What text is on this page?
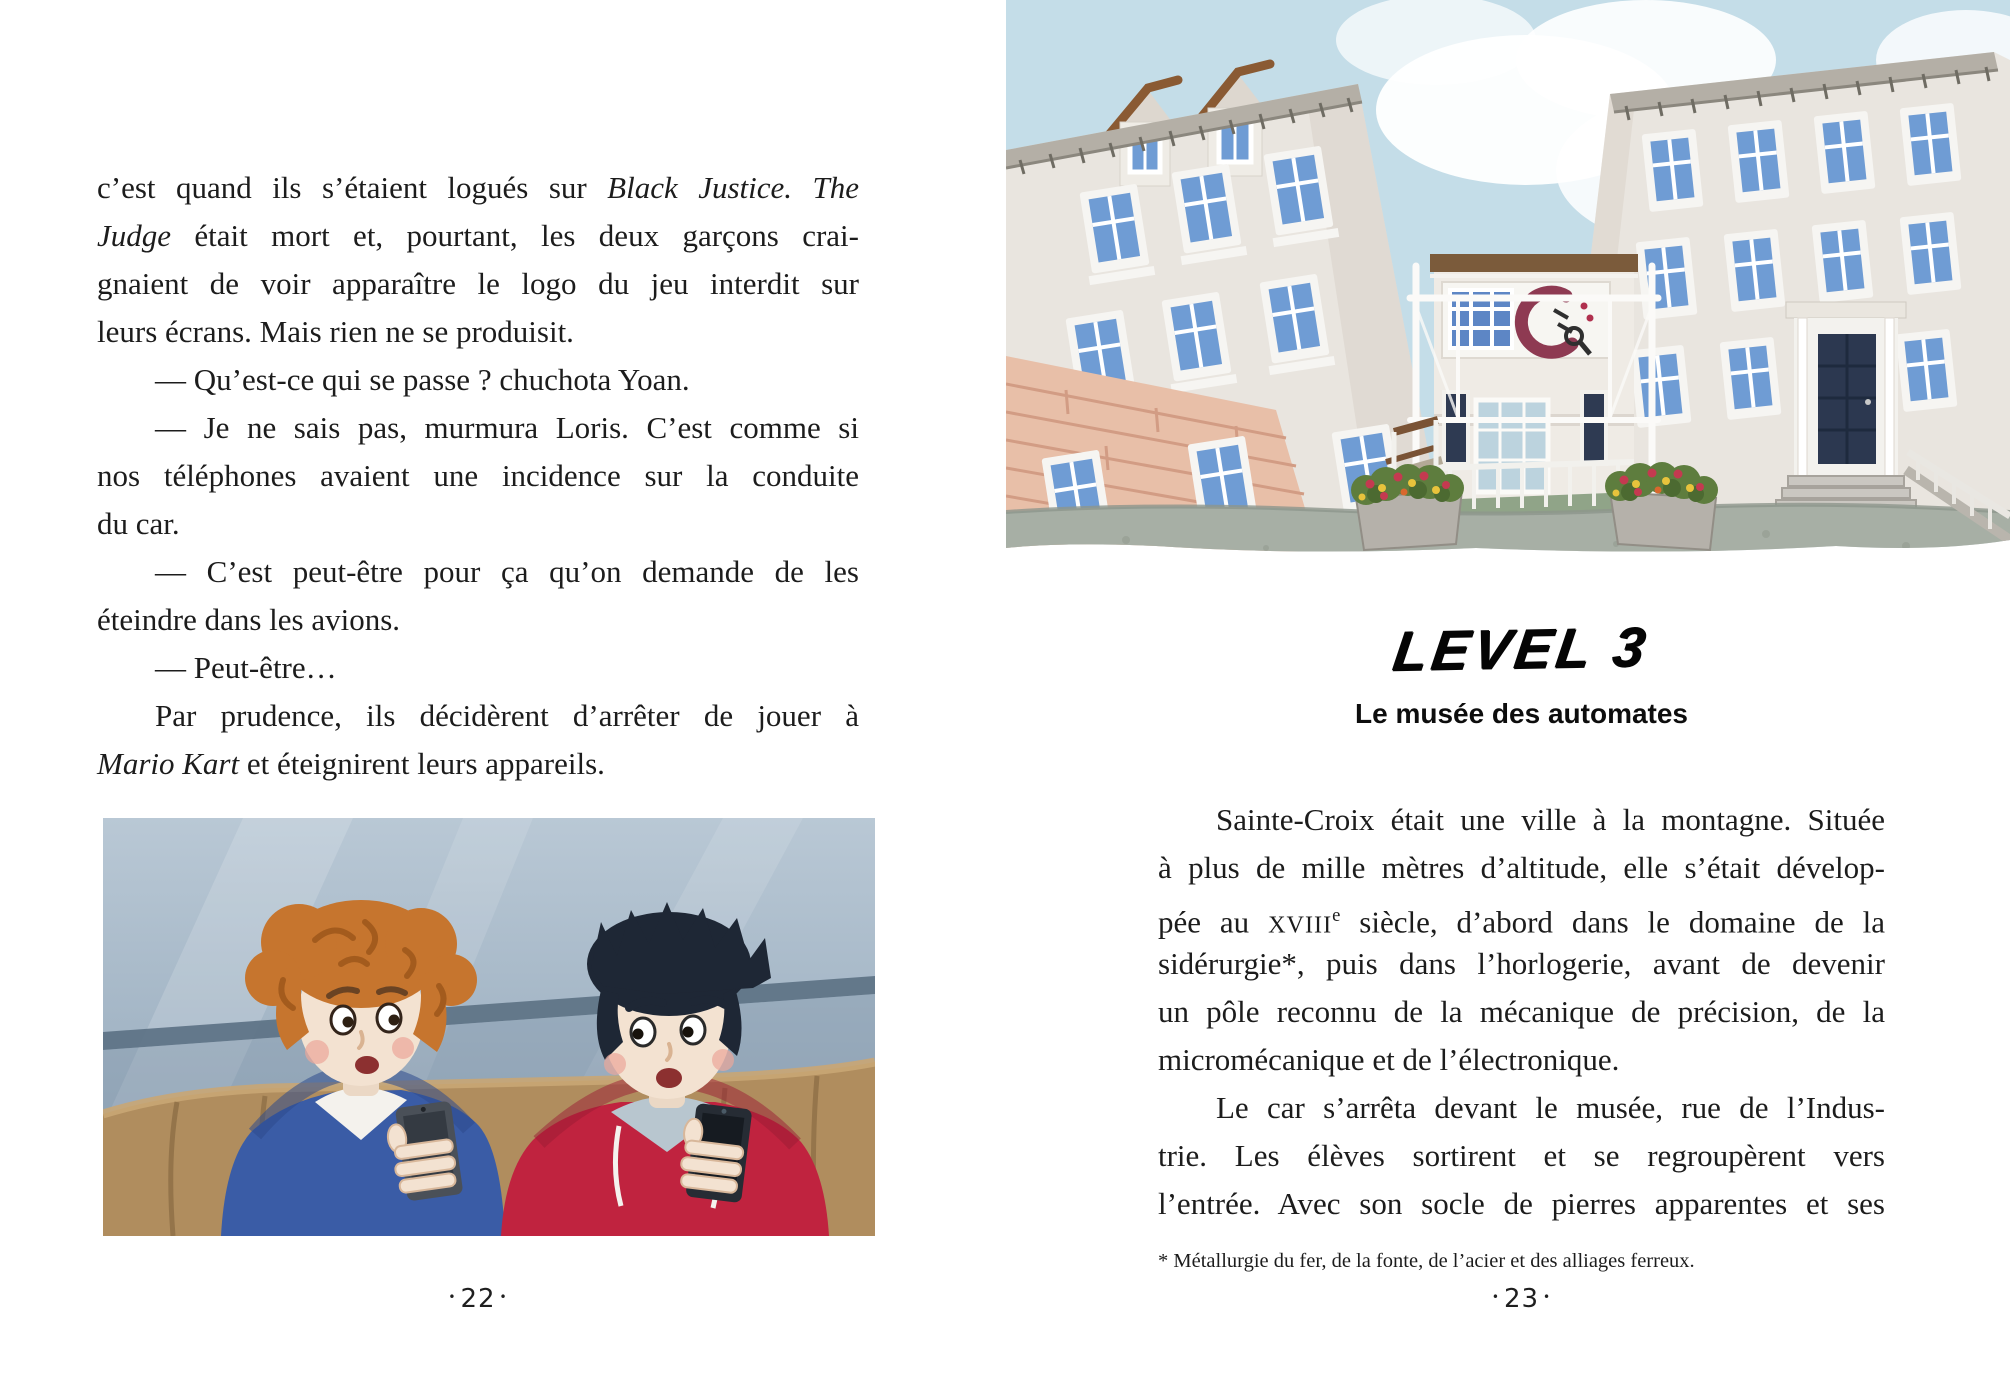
c’est quand ils s’étaient logués sur Black Justice. The
Judge était mort et, pourtant, les deux garçons crai-
gnaient de voir apparaître le logo du jeu interdit sur
leurs écrans. Mais rien ne se produisit.
— Qu’est-ce qui se passe ? chuchota Yoan.
— Je ne sais pas, murmura Loris. C’est comme si
nos téléphones avaient une incidence sur la conduite
du car.
— C’est peut-être pour ça qu’on demande de les
éteindre dans les avions.
— Peut-être…
Par prudence, ils décidèrent d’arrêter de jouer à
Mario Kart et éteignirent leurs appareils.
• 22 •
LEVEL 3
Le musée des automates
Sainte-Croix était une ville à la montagne. Située
à plus de mille mètres d’altitude, elle s’était dévelop-
pée au XVIIIe siècle, d’abord dans le domaine de la
sidérurgie*, puis dans l’horlogerie, avant de devenir
un pôle reconnu de la mécanique de précision, de la
micromécanique et de l’électronique.
Le car s’arrêta devant le musée, rue de l’Indus-
trie. Les élèves sortirent et se regroupèrent vers
l’entrée. Avec son socle de pierres apparentes et ses
* Métallurgie du fer, de la fonte, de l’acier et des alliages ferreux.
• 23 •
